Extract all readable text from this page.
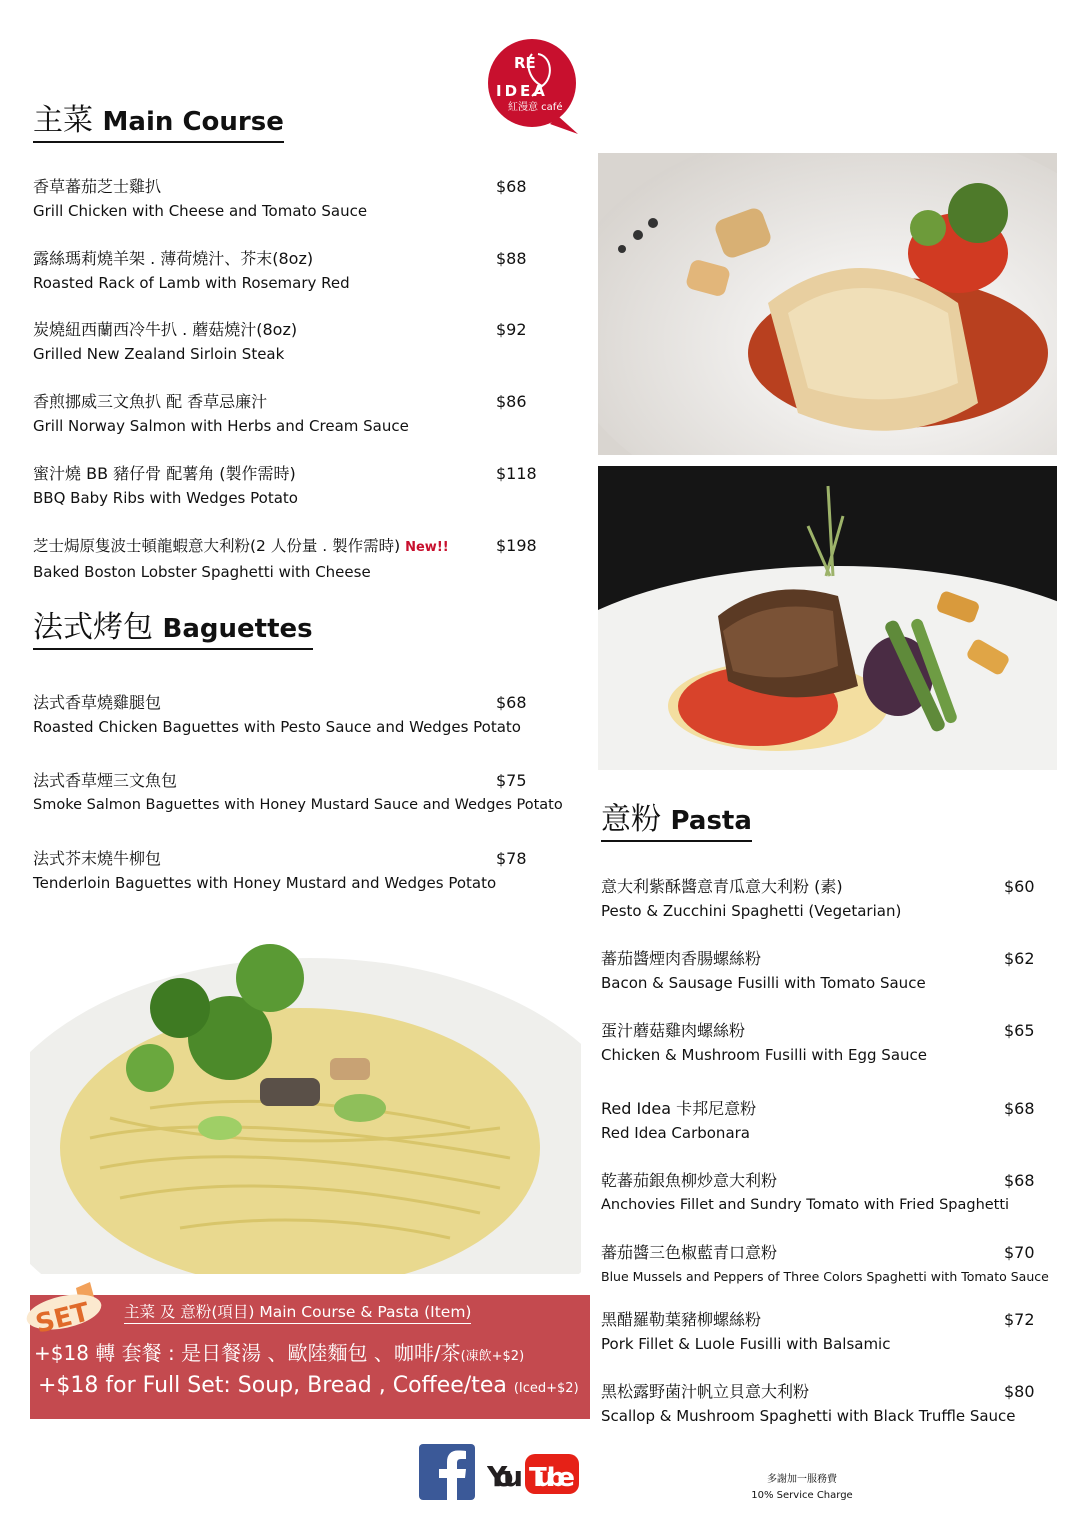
RE
IDEA
紅漫意 café
主菜 Main Course
香草蕃茄芝士雞扒
Grill Chicken with Cheese and Tomato Sauce
$68
露絲瑪莉燒羊架 . 薄荷燒汁、芥末(8oz)
Roasted Rack of Lamb with Rosemary Red
$88
炭燒紐西蘭西冷牛扒 . 蘑菇燒汁(8oz)
Grilled New Zealand Sirloin Steak
$92
香煎挪威三文魚扒 配 香草忌廉汁
Grill Norway Salmon with Herbs and Cream Sauce
$86
蜜汁燒 BB 豬仔骨 配薯角 (製作需時)
BBQ Baby Ribs with Wedges Potato
$118
芝士焗原隻波士頓龍蝦意大利粉(2 人份量 . 製作需時) New!!
Baked Boston Lobster Spaghetti with Cheese
$198
法式烤包 Baguettes
法式香草燒雞腿包
Roasted Chicken Baguettes with Pesto Sauce and Wedges Potato
$68
法式香草煙三文魚包
Smoke Salmon Baguettes with Honey Mustard Sauce and Wedges Potato
$75
法式芥末燒牛柳包
Tenderloin Baguettes with Honey Mustard and Wedges Potato
$78
意粉 Pasta
意大利紫酥醬意青瓜意大利粉 (素)
Pesto & Zucchini Spaghetti (Vegetarian)
$60
蕃茄醬煙肉香腸螺絲粉
Bacon & Sausage Fusilli with Tomato Sauce
$62
蛋汁蘑菇雞肉螺絲粉
Chicken & Mushroom Fusilli with Egg Sauce
$65
Red Idea 卡邦尼意粉
Red Idea Carbonara
$68
乾蕃茄銀魚柳炒意大利粉
Anchovies Fillet and Sundry Tomato with Fried Spaghetti
$68
蕃茄醬三色椒藍青口意粉
Blue Mussels and Peppers of Three Colors Spaghetti with Tomato Sauce
$70
黑醋羅勒葉豬柳螺絲粉
Pork Fillet & Luole Fusilli with Balsamic
$72
黑松露野菌汁帆立貝意大利粉
Scallop & Mushroom Spaghetti with Black Truffle Sauce
$80
主菜 及 意粉(項目) Main Course & Pasta (Item)
+$18 轉 套餐 : 是日餐湯 、歐陸麵包 、咖啡/茶(凍飲+$2)
+$18 for Full Set: Soup, Bread , Coffee/tea (Iced+$2)
SET
You Tube	多謝加一服務費
10% Service Charge
